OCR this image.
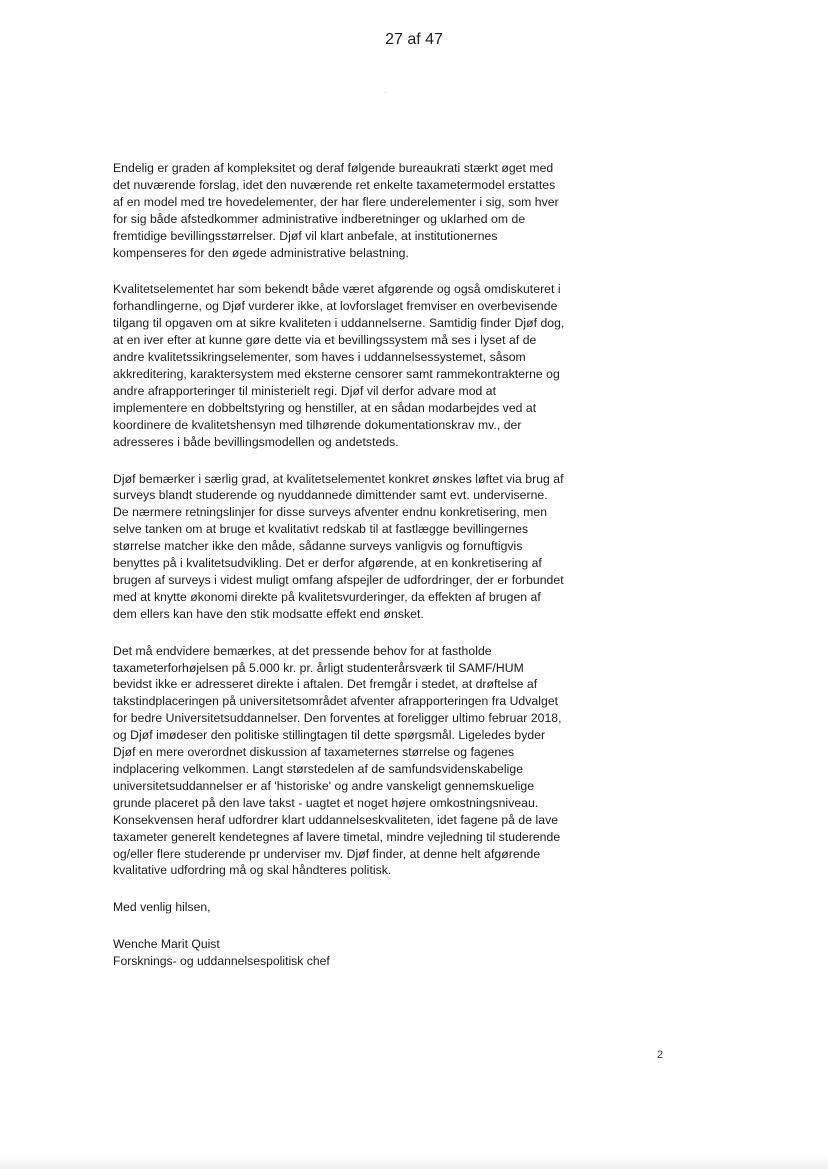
27 af 47
Endelig er graden af kompleksitet og deraf følgende bureaukrati stærkt øget med
det nuværende forslag, idet den nuværende ret enkelte taxametermodel erstattes
af en model med tre hovedelementer, der har flere underelementer i sig, som hver
for sig både afstedkommer administrative indberetninger og uklarhed om de
fremtidige bevillingsstørrelser. Djøf vil klart anbefale, at institutionernes
kompenseres for den øgede administrative belastning.
Kvalitetselementet har som bekendt både været afgørende og også omdiskuteret i
forhandlingerne, og Djøf vurderer ikke, at lovforslaget fremviser en overbevisende
tilgang til opgaven om at sikre kvaliteten i uddannelserne. Samtidig finder Djøf dog,
at en iver efter at kunne gøre dette via et bevillingssystem må ses i lyset af de
andre kvalitetssikringselementer, som haves i uddannelsessystemet, såsom
akkreditering, karaktersystem med eksterne censorer samt rammekontrakterne og
andre afrapporteringer til ministerielt regi. Djøf vil derfor advare mod at
implementere en dobbeltstyring og henstiller, at en sådan modarbejdes ved at
koordinere de kvalitetshensyn med tilhørende dokumentationskrav mv., der
adresseres i både bevillingsmodellen og andetsteds.
Djøf bemærker i særlig grad, at kvalitetselementet konkret ønskes løftet via brug af
surveys blandt studerende og nyuddannede dimittender samt evt. underviserne.
De nærmere retningslinjer for disse surveys afventer endnu konkretisering, men
selve tanken om at bruge et kvalitativt redskab til at fastlægge bevillingernes
størrelse matcher ikke den måde, sådanne surveys vanligvis og fornuftigvis
benyttes på i kvalitetsudvikling. Det er derfor afgørende, at en konkretisering af
brugen af surveys i videst muligt omfang afspejler de udfordringer, der er forbundet
med at knytte økonomi direkte på kvalitetsvurderinger, da effekten af brugen af
dem ellers kan have den stik modsatte effekt end ønsket.
Det må endvidere bemærkes, at det pressende behov for at fastholde
taxameterforhøjelsen på 5.000 kr. pr. årligt studenterårsværk til SAMF/HUM
bevidst ikke er adresseret direkte i aftalen. Det fremgår i stedet, at drøftelse af
takstindplaceringen på universitetsområdet afventer afrapporteringen fra Udvalget
for bedre Universitetsuddannelser. Den forventes at foreligger ultimo februar 2018,
og Djøf imødeser den politiske stillingtagen til dette spørgsmål. Ligeledes byder
Djøf en mere overordnet diskussion af taxameternes størrelse og fagenes
indplacering velkommen. Langt størstedelen af de samfundsvidenskabelige
universitetsuddannelser er af 'historiske' og andre vanskeligt gennemskuelige
grunde placeret på den lave takst - uagtet et noget højere omkostningsniveau.
Konsekvensen heraf udfordrer klart uddannelseskvaliteten, idet fagene på de lave
taxameter generelt kendetegnes af lavere timetal, mindre vejledning til studerende
og/eller flere studerende pr underviser mv. Djøf finder, at denne helt afgørende
kvalitative udfordring må og skal håndteres politisk.
Med venlig hilsen,
Wenche Marit Quist
Forsknings- og uddannelsespolitisk chef
2
